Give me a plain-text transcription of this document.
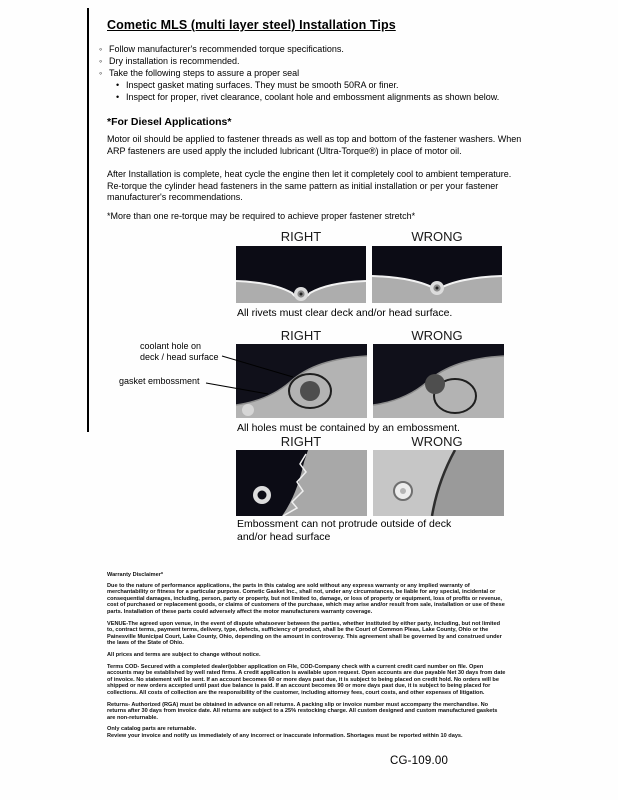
Cometic MLS (multi layer steel) Installation Tips
◦ Follow manufacturer's recommended torque specifications.
◦ Dry installation is recommended.
◦ Take the following steps to assure a proper seal
• Inspect gasket mating surfaces. They must be smooth 50RA or finer.
• Inspect for proper, rivet clearance, coolant hole and embossment alignments as shown below.
*For Diesel Applications*
Motor oil should be applied to fastener threads as well as top and bottom of the fastener washers. When ARP fasteners are used apply the included lubricant (Ultra-Torque®) in place of motor oil.
After Installation is complete, heat cycle the engine then let it completely cool to ambient temperature. Re-torque the cylinder head fasteners in the same pattern as initial installation or per your fastener manufacturer's recommendations.
*More than one re-torque may be required to achieve proper fastener stretch*
RIGHT	WRONG
All rivets must clear deck and/or head surface.
RIGHT	WRONG
coolant hole on
deck / head surface
gasket embossment
All holes must be contained by an embossment.
RIGHT	WRONG
Embossment can not protrude outside of deck
and/or head surface

Warranty Disclaimer*

Due to the nature of performance applications, the parts in this catalog are sold without any express warranty or any implied warranty of merchantability or fitness for a particular purpose. Cometic Gasket Inc., shall not, under any circumstances, be liable for any special, incidental or consequential damages, including, person, party or property, but not limited to, damage, or loss of property or equipment, loss of profits or revenue, cost of purchased or replacement goods, or claims of customers of the purchase, which may arise and/or result from sale, installation or use of these parts. Installation of these parts could adversely affect the motor manufacturers warranty coverage.

VENUE-The agreed upon venue, in the event of dispute whatsoever between the parties, whether instituted by either party, including, but not limited to, contract terms, payment terms, delivery, type, defects, sufficiency of product, shall be the Court of Common Pleas, Lake County, Ohio or the Painesville Municipal Court, Lake County, Ohio, depending on the amount in controversy. This agreement shall be governed by and construed under the laws of the State of Ohio.

All prices and terms are subject to change without notice.

Terms COD- Secured with a completed dealer/jobber application on File, COD-Company check with a current credit card number on file. Open accounts may be established by well rated firms. A credit application is available upon request. Open accounts are due payable Net 30 days from date of invoice. No statement will be sent. If an account becomes 60 or more days past due, it is subject to being placed on credit hold. No orders will be shipped or new orders accepted until past due balance is paid. If an account becomes 90 or more days past due, it is subject to being placed for collections. All costs of collection are the responsibility of the customer, including attorney fees, court costs, and other expenses of litigation.

Returns- Authorized (RGA) must be obtained in advance on all returns. A packing slip or invoice number must accompany the merchandise. No returns after 30 days from invoice date. All returns are subject to a 25% restocking charge. All custom designed and custom manufactured gaskets are non-returnable.

Only catalog parts are returnable.

Review your invoice and notify us immediately of any incorrect or inaccurate information. Shortages must be reported within 10 days.

CG-109.00
